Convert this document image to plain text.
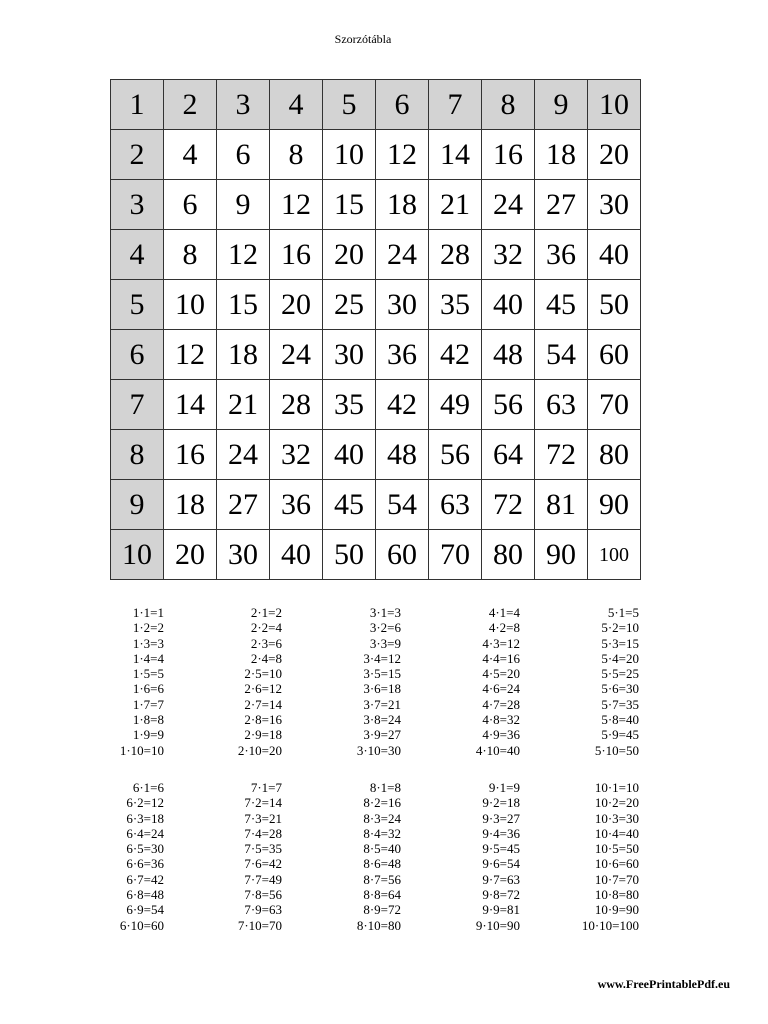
Szorzótábla
1	2	3	4	5	6	7	8	9	10
2	4	6	8	10	12	14	16	18	20
3	6	9	12	15	18	21	24	27	30
4	8	12	16	20	24	28	32	36	40
5	10	15	20	25	30	35	40	45	50
6	12	18	24	30	36	42	48	54	60
7	14	21	28	35	42	49	56	63	70
8	16	24	32	40	48	56	64	72	80
9	18	27	36	45	54	63	72	81	90
10	20	30	40	50	60	70	80	90	100
1·1=1
1·2=2
1·3=3
1·4=4
1·5=5
1·6=6
1·7=7
1·8=8
1·9=9
1·10=10
2·1=2
2·2=4
2·3=6
2·4=8
2·5=10
2·6=12
2·7=14
2·8=16
2·9=18
2·10=20
3·1=3
3·2=6
3·3=9
3·4=12
3·5=15
3·6=18
3·7=21
3·8=24
3·9=27
3·10=30
4·1=4
4·2=8
4·3=12
4·4=16
4·5=20
4·6=24
4·7=28
4·8=32
4·9=36
4·10=40
5·1=5
5·2=10
5·3=15
5·4=20
5·5=25
5·6=30
5·7=35
5·8=40
5·9=45
5·10=50
6·1=6
6·2=12
6·3=18
6·4=24
6·5=30
6·6=36
6·7=42
6·8=48
6·9=54
6·10=60
7·1=7
7·2=14
7·3=21
7·4=28
7·5=35
7·6=42
7·7=49
7·8=56
7·9=63
7·10=70
8·1=8
8·2=16
8·3=24
8·4=32
8·5=40
8·6=48
8·7=56
8·8=64
8·9=72
8·10=80
9·1=9
9·2=18
9·3=27
9·4=36
9·5=45
9·6=54
9·7=63
9·8=72
9·9=81
9·10=90
10·1=10
10·2=20
10·3=30
10·4=40
10·5=50
10·6=60
10·7=70
10·8=80
10·9=90
10·10=100
www.FreePrintablePdf.eu
